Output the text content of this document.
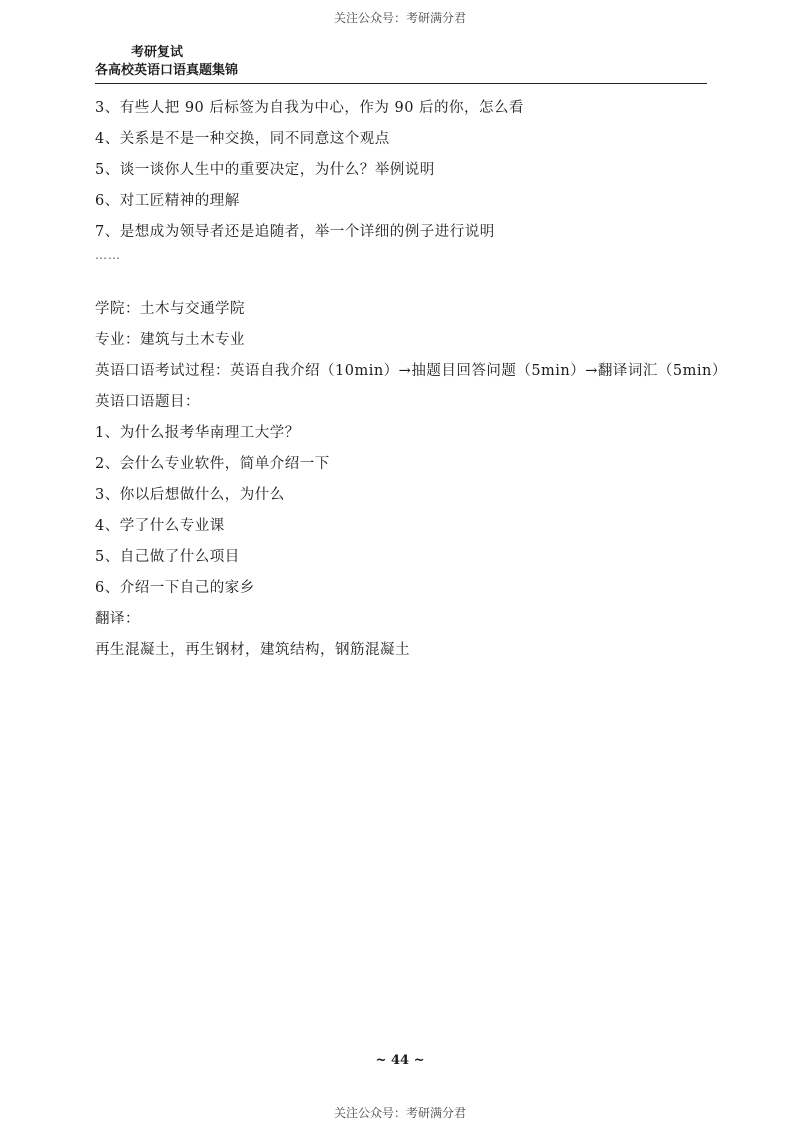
关注公众号：考研满分君
考研复试
各高校英语口语真题集锦
3、有些人把 90 后标签为自我为中心，作为 90 后的你，怎么看
4、关系是不是一种交换，同不同意这个观点
5、谈一谈你人生中的重要决定，为什么？举例说明
6、对工匠精神的理解
7、是想成为领导者还是追随者，举一个详细的例子进行说明
……
学院：土木与交通学院
专业：建筑与土木专业
英语口语考试过程：英语自我介绍（10min）→抽题目回答问题（5min）→翻译词汇（5min）
英语口语题目：
1、为什么报考华南理工大学？
2、会什么专业软件，简单介绍一下
3、你以后想做什么，为什么
4、学了什么专业课
5、自己做了什么项目
6、介绍一下自己的家乡
翻译：
再生混凝土，再生钢材，建筑结构，钢筋混凝土
~ 44 ~
关注公众号：考研满分君
